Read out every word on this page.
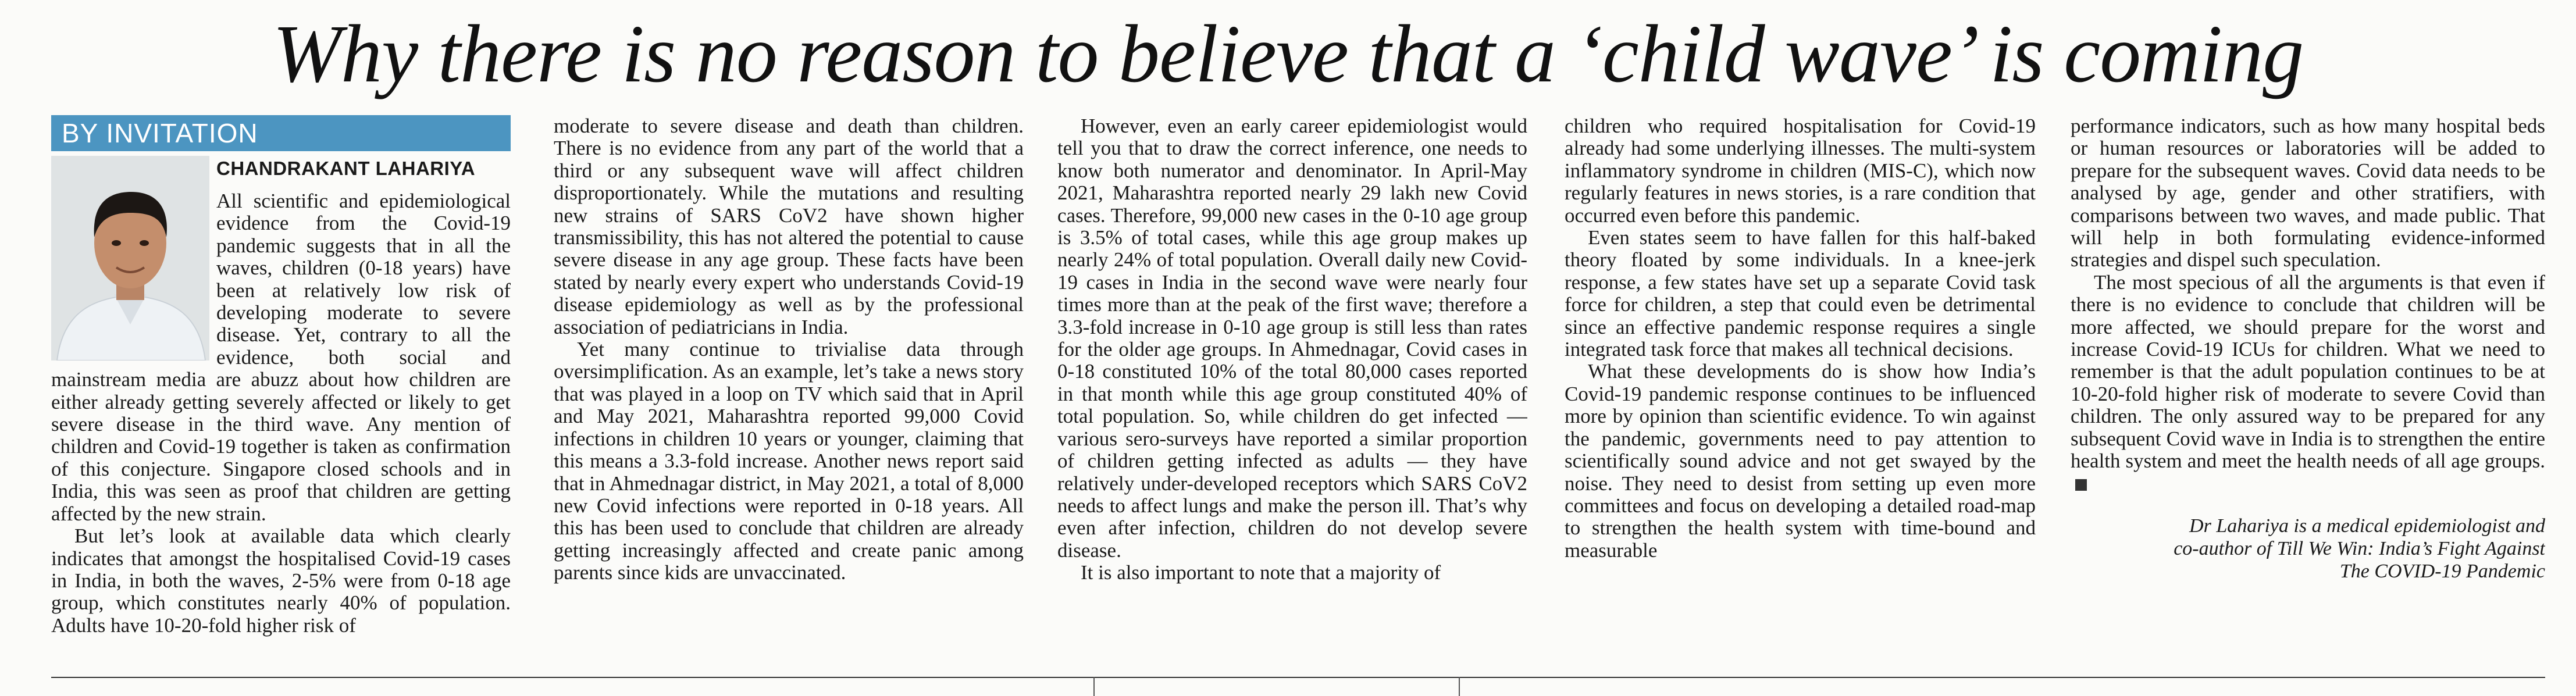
Why there is no reason to believe that a ‘child wave’ is coming
BY INVITATION
CHANDRAKANT LAHARIYA

All scientific and epidemiological evidence from the Covid-19 pandemic suggests that in all the waves, children (0-18 years) have been at relatively low risk of developing moderate to severe disease. Yet, contrary to all the evidence, both social and mainstream media are abuzz about how children are either already getting severely affected or likely to get severe disease in the third wave. Any mention of children and Covid-19 together is taken as confirmation of this conjecture. Singapore closed schools and in India, this was seen as proof that children are getting affected by the new strain.

But let’s look at available data which clearly indicates that amongst the hospitalised Covid-19 cases in India, in both the waves, 2-5% were from 0-18 age group, which constitutes nearly 40% of population. Adults have 10-20-fold higher risk of

moderate to severe disease and death than children. There is no evidence from any part of the world that a third or any subsequent wave will affect children disproportionately. While the mutations and resulting new strains of SARS CoV2 have shown higher transmissibility, this has not altered the potential to cause severe disease in any age group. These facts have been stated by nearly every expert who understands Covid-19 disease epidemiology as well as by the professional association of pediatricians in India.

Yet many continue to trivialise data through oversimplification. As an example, let’s take a news story that was played in a loop on TV which said that in April and May 2021, Maharashtra reported 99,000 Covid infections in children 10 years or younger, claiming that this means a 3.3-fold increase. Another news report said that in Ahmednagar district, in May 2021, a total of 8,000 new Covid infections were reported in 0-18 years. All this has been used to conclude that children are already getting increasingly affected and create panic among parents since kids are unvaccinated.

However, even an early career epidemiologist would tell you that to draw the correct inference, one needs to know both numerator and denominator. In April-May 2021, Maharashtra reported nearly 29 lakh new Covid cases. Therefore, 99,000 new cases in the 0-10 age group is 3.5% of total cases, while this age group makes up nearly 24% of total population. Overall daily new Covid-19 cases in India in the second wave were nearly four times more than at the peak of the first wave; therefore a 3.3-fold increase in 0-10 age group is still less than rates for the older age groups. In Ahmednagar, Covid cases in 0-18 constituted 10% of the total 80,000 cases reported in that month while this age group constituted 40% of total population. So, while children do get infected — various sero-surveys have reported a similar proportion of children getting infected as adults — they have relatively under-developed receptors which SARS CoV2 needs to affect lungs and make the person ill. That’s why even after infection, children do not develop severe disease.

It is also important to note that a majority of

children who required hospitalisation for Covid-19 already had some underlying illnesses. The multi-system inflammatory syndrome in children (MIS-C), which now regularly features in news stories, is a rare condition that occurred even before this pandemic.

Even states seem to have fallen for this half-baked theory floated by some individuals. In a knee-jerk response, a few states have set up a separate Covid task force for children, a step that could even be detrimental since an effective pandemic response requires a single integrated task force that makes all technical decisions.

What these developments do is show how India’s Covid-19 pandemic response continues to be influenced more by opinion than scientific evidence. To win against the pandemic, governments need to pay attention to scientifically sound advice and not get swayed by the noise. They need to desist from setting up even more committees and focus on developing a detailed road-map to strengthen the health system with time-bound and measurable

performance indicators, such as how many hospital beds or human resources or laboratories will be added to prepare for the subsequent waves. Covid data needs to be analysed by age, gender and other stratifiers, with comparisons between two waves, and made public. That will help in both formulating evidence-informed strategies and dispel such speculation.

The most specious of all the arguments is that even if there is no evidence to conclude that children will be more affected, we should prepare for the worst and increase Covid-19 ICUs for children. What we need to remember is that the adult population continues to be at 10-20-fold higher risk of moderate to severe Covid than children. The only assured way to be prepared for any subsequent Covid wave in India is to strengthen the entire health system and meet the health needs of all age groups.

Dr Lahariya is a medical epidemiologist and
co-author of Till We Win: India’s Fight Against
The COVID-19 Pandemic
